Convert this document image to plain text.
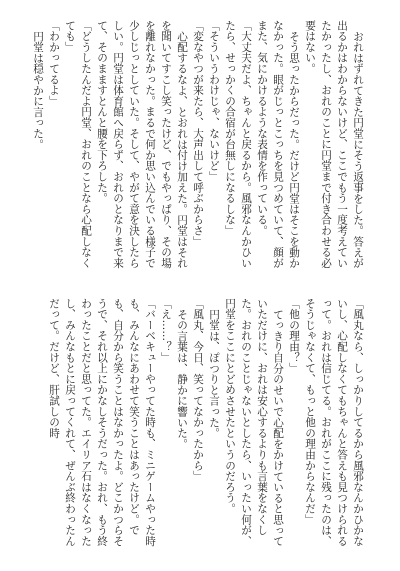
おれはずれてきた円堂にそう返事をした。答えが出るかはわからないけど、ここでもう一度考えていたかったし、おれのことに円堂まで付き合わせる必要はない。

そう思ったからだった。だけど円堂はそこを動かなかった。眼がじっとこっちを見つめていて、顔がまた、気にかけるような表情を作っている。

「大丈夫だよ、ちゃんと戻るから。風邪なんかひいたら、せっかくの合宿が台無しになるしな」

「そういうわけじゃ、ないけど」

「変なやつが来たら、大声出して呼ぶからさ」

心配するなよ、とおれは付け加えた。円堂はそれを聞いてすこし笑ったけど、でもやっぱり、その場を離れなかった。まるで何か思い込んでいる様子で少しじっとしていた。そして、やがて意を決したらしい。円堂は体育館へ戻らず、おれのとなりまで来て、そのまますとんと腰を下ろした。

「どうしたんだよ円堂、おれのことなら心配しなくても」

「わかってるよ」

円堂は穏やかに言った。

「風丸なら、しっかりしてるから風邪なんかひかないし、心配しなくてもちゃんと答えも見つけられるって。おれは信じてる。おれがここに残ったのは、そうじゃなくて、もっと他の理由からなんだ」

「他の理由？」

てっきり自分のせいで心配をかけていると思っていただけに、おれは安心するよりも言葉をなくした。おれのことじゃないとしたら、いったい何が、円堂をここにとどめさせたというのだろう。

円堂は、ぽつりと言った。

「風丸、今日、笑ってなかったから」

その言葉は、静かに響いた。

「え……？」

「バーベキューやってた時も、ミニゲームやった時も、みんなにあわせて笑うことはあったけど。でも、自分から笑うことはなかったよ。どこかつらそうで、それ以上にかなしそうだった。おれ、もう終わったことだと思ってた。エイリア石はなくなったし、みんなもとに戻ってくれて、ぜんぶ終わったんだって。だけど、肝試しの時
